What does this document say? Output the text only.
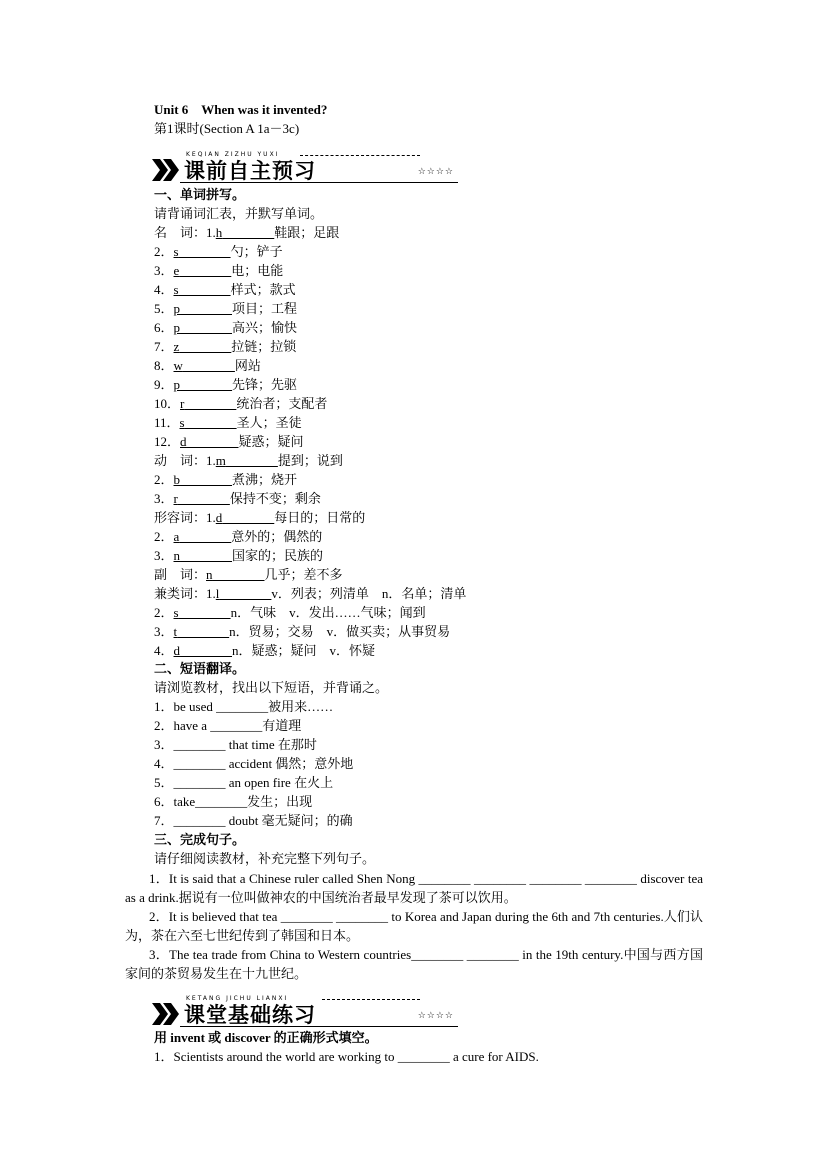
Unit 6　When was it invented?
第1课时(Section A 1a－3c)
KEQIAN ZIZHU YUXI
课前自主预习	☆☆☆☆
一、单词拼写。
请背诵词汇表，并默写单词。
名　词：1.h	鞋跟；足跟
2．s	勺；铲子
3．e	电；电能
4．s	样式；款式
5．p	项目；工程
6．p	高兴；愉快
7．z	拉链；拉锁
8．w	网站
9．p	先锋；先驱
10．r	统治者；支配者
11．s	圣人；圣徒
12．d	疑惑；疑问
动　词：1.m	提到；说到
2．b	煮沸；烧开
3．r	保持不变；剩余
形容词：1.d	每日的；日常的
2．a	意外的；偶然的
3．n	国家的；民族的
副　词：n	几乎；差不多
兼类词：1.l	v．列表；列清单　n．名单；清单
2．s	n．气味　v．发出……气味；闻到
3．t	n．贸易；交易　v．做买卖；从事贸易
4．d	n．疑惑；疑问　v．怀疑
二、短语翻译。
请浏览教材，找出以下短语，并背诵之。
1．be used ________被用来……
2．have a ________有道理
3．________ that time 在那时
4．________ accident 偶然；意外地
5．________ an open fire 在火上
6．take________发生；出现
7．________ doubt 毫无疑问；的确
三、完成句子。
请仔细阅读教材，补充完整下列句子。
1．It is said that a Chinese ruler called Shen Nong ________ ________ ________ ________ discover tea as a drink.据说有一位叫做神农的中国统治者最早发现了茶可以饮用。
2．It is believed that tea ________ ________ to Korea and Japan during the 6th and 7th centuries.人们认为，茶在六至七世纪传到了韩国和日本。
3．The tea trade from China to Western countries________ ________ in the 19th century.中国与西方国家间的茶贸易发生在十九世纪。
KETANG JICHU LIANXI
课堂基础练习	☆☆☆☆
用 invent 或 discover 的正确形式填空。
1．Scientists around the world are working to ________ a cure for AIDS.
